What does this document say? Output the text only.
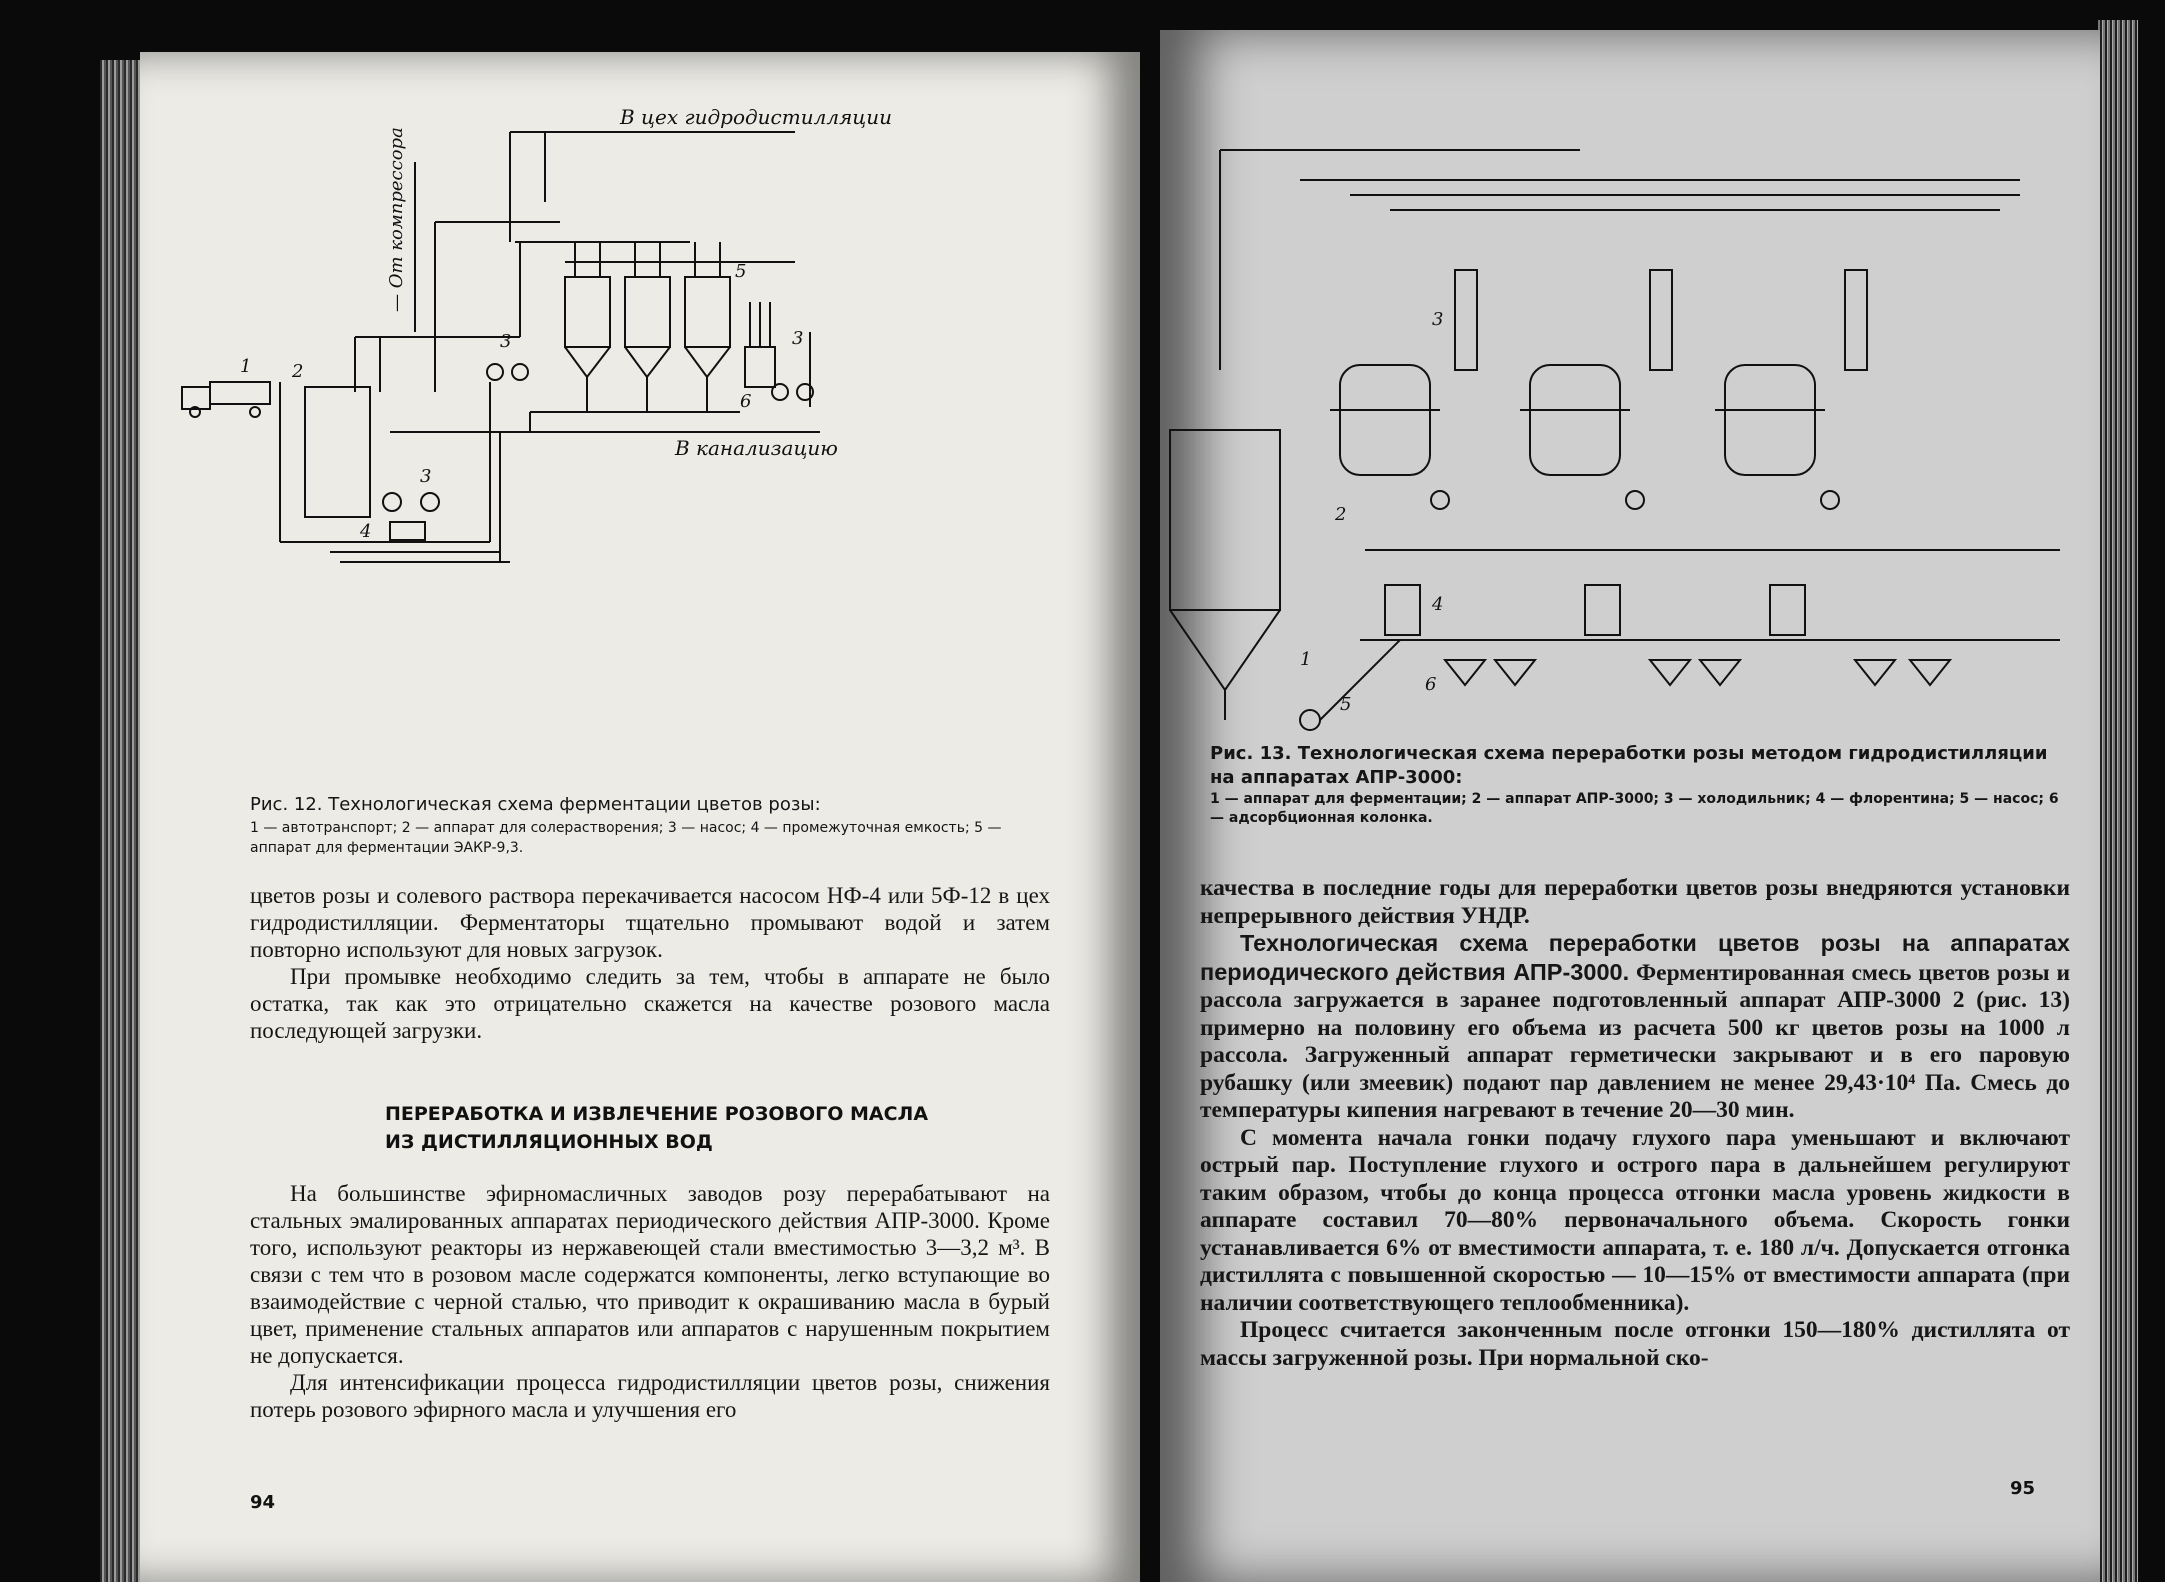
В цех гидродистилляции
— От компрессора
В канализацию
1 2
3
3
3
4
5
6
Рис. 12. Технологическая схема ферментации цветов розы:
1 — автотранспорт; 2 — аппарат для солерастворения; 3 — насос; 4 — промежуточная емкость; 5 — аппарат для ферментации ЭАКР-9,3.

цветов розы и солевого раствора перекачивается насосом НФ-4 или 5Ф-12 в цех гидродистилляции. Ферментаторы тщательно промывают водой и затем повторно используют для новых загрузок.

При промывке необходимо следить за тем, чтобы в аппарате не было остатка, так как это отрицательно скажется на качестве розового масла последующей загрузки.

ПЕРЕРАБОТКА И ИЗВЛЕЧЕНИЕ РОЗОВОГО МАСЛА
ИЗ ДИСТИЛЛЯЦИОННЫХ ВОД

На большинстве эфирномасличных заводов розу перерабатывают на стальных эмалированных аппаратах периодического действия АПР-3000. Кроме того, используют реакторы из нержавеющей стали вместимостью 3—3,2 м³. В связи с тем что в розовом масле содержатся компоненты, легко вступающие во взаимодействие с черной сталью, что приводит к окрашиванию масла в бурый цвет, применение стальных аппаратов или аппаратов с нарушенным покрытием не допускается.

Для интенсификации процесса гидродистилляции цветов розы, снижения потерь розового эфирного масла и улучшения его

94
1
2
3
4
5
6
Рис. 13. Технологическая схема переработки розы методом гидродистилляции на аппаратах АПР-3000:
1 — аппарат для ферментации; 2 — аппарат АПР-3000; 3 — холодильник; 4 — флорентина; 5 — насос; 6 — адсорбционная колонка.

качества в последние годы для переработки цветов розы внедряются установки непрерывного действия УНДР.

Технологическая схема переработки цветов розы на аппаратах периодического действия АПР-3000. Ферментированная смесь цветов розы и рассола загружается в заранее подготовленный аппарат АПР-3000 2 (рис. 13) примерно на половину его объема из расчета 500 кг цветов розы на 1000 л рассола. Загруженный аппарат герметически закрывают и в его паровую рубашку (или змеевик) подают пар давлением не менее 29,43·10⁴ Па. Смесь до температуры кипения нагревают в течение 20—30 мин.

С момента начала гонки подачу глухого пара уменьшают и включают острый пар. Поступление глухого и острого пара в дальнейшем регулируют таким образом, чтобы до конца процесса отгонки масла уровень жидкости в аппарате составил 70—80% первоначального объема. Скорость гонки устанавливается 6% от вместимости аппарата, т. е. 180 л/ч. Допускается отгонка дистиллята с повышенной скоростью — 10—15% от вместимости аппарата (при наличии соответствующего теплообменника).

Процесс считается законченным после отгонки 150—180% дистиллята от массы загруженной розы. При нормальной ско-

95
